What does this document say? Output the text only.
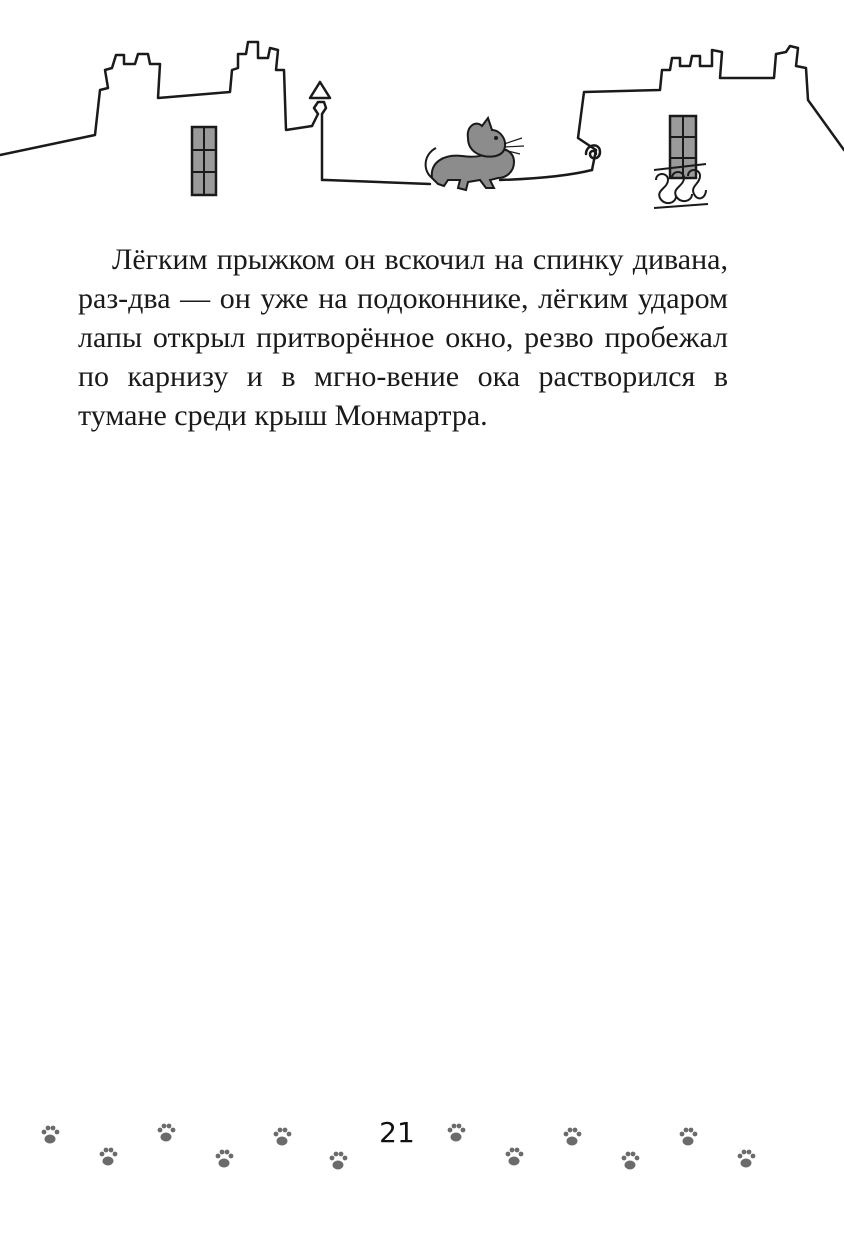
Лёгким прыжком он вскочил на спинку дивана, раз-два — он уже на подоконнике, лёгким ударом лапы открыл притворённое окно, резво пробежал по карнизу и в мгно-вение ока растворился в тумане среди крыш Монмартра.

21
